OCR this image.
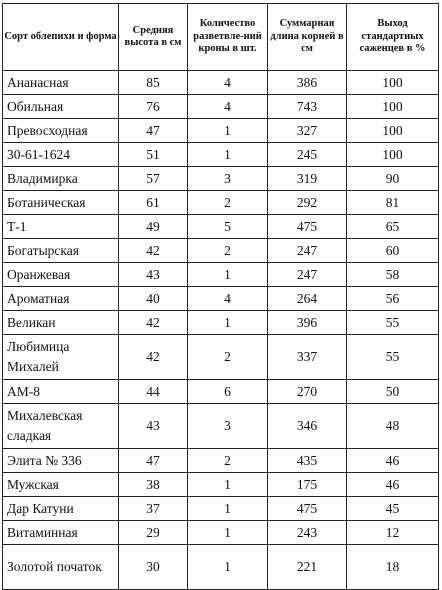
Сорт облепихи и форма	Средняя высота в см	Количество разветвле-ний кроны в шт.	Суммарная длина корней в см	Выход стандартных саженцев в %
Ананасная	85	4	386	100
Обильная	76	4	743	100
Превосходная	47	1	327	100
30-61-1624	51	1	245	100
Владимирка	57	3	319	90
Ботаническая	61	2	292	81
Т-1	49	5	475	65
Богатырская	42	2	247	60
Оранжевая	43	1	247	58
Ароматная	40	4	264	56
Великан	42	1	396	55
Любимица Михалей	42	2	337	55
АМ-8	44	6	270	50
Михалевская сладкая	43	3	346	48
Элита № 336	47	2	435	46
Мужская	38	1	175	46
Дар Катуни	37	1	475	45
Витаминная	29	1	243	12
Золотой початок	30	1	221	18
